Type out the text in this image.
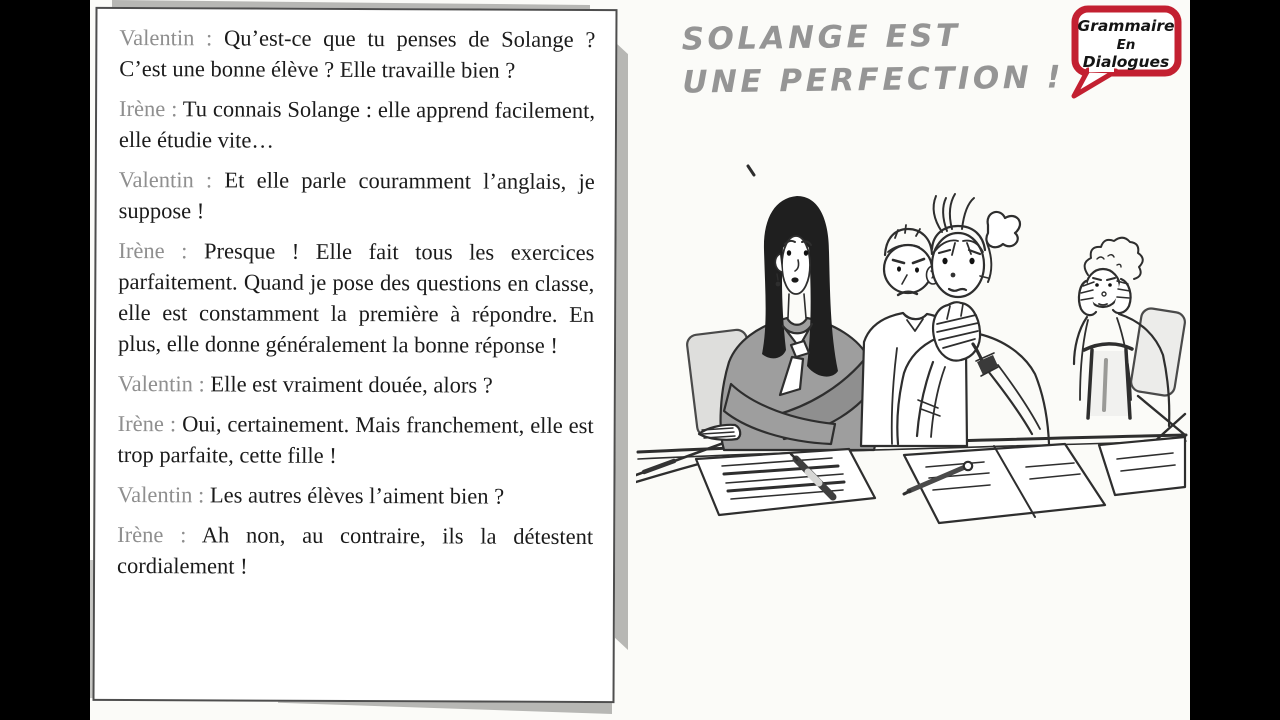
Valentin : Qu’est-ce que tu penses de Solange ? C’est une bonne élève ? Elle travaille bien ?

Irène : Tu connais Solange : elle apprend facilement, elle étudie vite…

Valentin : Et elle parle couramment l’anglais, je suppose !

Irène : Presque ! Elle fait tous les exercices parfaitement. Quand je pose des questions en classe, elle est constamment la première à répondre. En plus, elle donne généralement la bonne réponse !

Valentin : Elle est vraiment douée, alors ?

Irène : Oui, certainement. Mais franchement, elle est trop parfaite, cette fille !

Valentin : Les autres élèves l’aiment bien ?

Irène : Ah non, au contraire, ils la détestent cordialement !

SOLANGE EST
UNE PERFECTION !
Grammaire
En
Dialogues
